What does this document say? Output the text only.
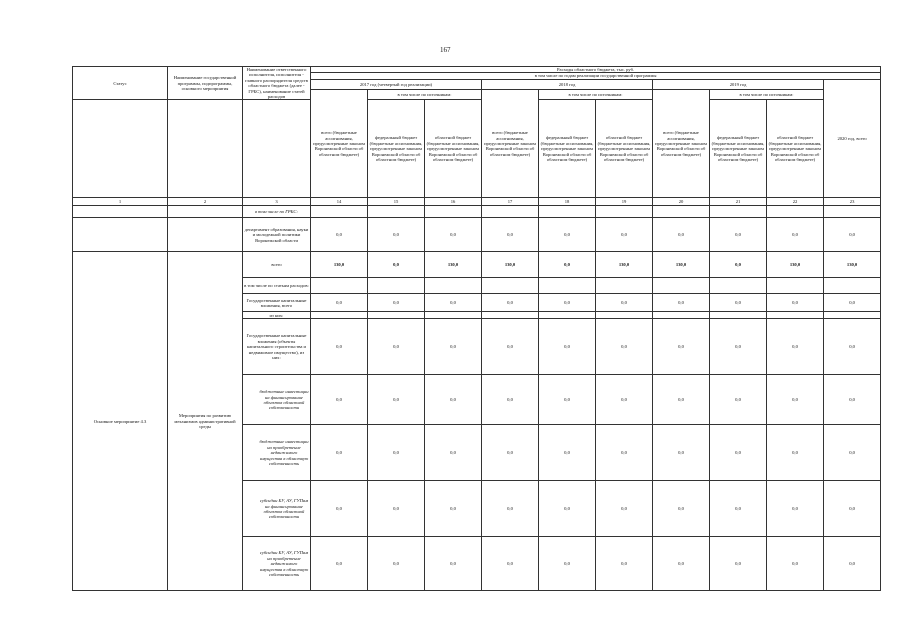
167
Статус	Наименование государственной программы, подпрограммы, основного мероприятия	Наименование ответственного исполнителя, исполнителя - главного распорядителя средств областного бюджета (далее - ГРБС), наименование статей расходов	Расходы областного бюджета, тыс. руб.									
			в том числе по годам реализации государственной программы									
			2017 год (четвертый год реализации)			2018 год			2019 год			2020 год, всего
			всего (бюджетные ассигнования, предусмотренные законом Воронежской области об областном бюджете)	в том числе по источникам:		всего (бюджетные ассигнования, предусмотренные законом Воронежской области об областном бюджете)	в том числе по источникам:		всего (бюджетные ассигнования, предусмотренные законом Воронежской области об областном бюджете)	в том числе по источникам:		
				федеральный бюджет (бюджетные ассигнования, предусмотренные законом Воронежской области об областном бюджете)	областной бюджет (бюджетные ассигнования, предусмотренные законом Воронежской области об областном бюджете)		федеральный бюджет (бюджетные ассигнования, предусмотренные законом Воронежской области об областном бюджете)	областной бюджет (бюджетные ассигнования, предусмотренные законом Воронежской области об областном бюджете)		федеральный бюджет (бюджетные ассигнования, предусмотренные законом Воронежской области об областном бюджете)	областной бюджет (бюджетные ассигнования, предусмотренные законом Воронежской области об областном бюджете)	
1	2	3	14	15	16	17	18	19	20	21	22	23
		в том числе по ГРБС:										
		департамент образования, науки и молодежной политики Воронежской области	0,0	0,0	0,0	0,0	0,0	0,0	0,0	0,0	0,0	0,0
Основное мероприятие 4.3	Мероприятия по развитию механизмов административной среды	всего	130,0	0,0	130,0	130,0	0,0	130,0	130,0	0,0	130,0	130,0
		в том числе по статьям расходов:										
		Государственные капитальные вложения, всего	0,0	0,0	0,0	0,0	0,0	0,0	0,0	0,0	0,0	0,0
		из них:										
		Государственные капитальные вложения (объекты капитального строительства и недвижимое имущество), из них:	0,0	0,0	0,0	0,0	0,0	0,0	0,0	0,0	0,0	0,0
		бюджетные инвестиции на финансирование объектов областной собственности	0,0	0,0	0,0	0,0	0,0	0,0	0,0	0,0	0,0	0,0
		бюджетные инвестиции на приобретение недвижимого имущества в областную собственность	0,0	0,0	0,0	0,0	0,0	0,0	0,0	0,0	0,0	0,0
		субсидии БУ, АУ, ГУПам на финансирование объектов областной собственности	0,0	0,0	0,0	0,0	0,0	0,0	0,0	0,0	0,0	0,0
		субсидии БУ, АУ, ГУПам на приобретение недвижимого имущества в областную собственность	0,0	0,0	0,0	0,0	0,0	0,0	0,0	0,0	0,0	0,0
